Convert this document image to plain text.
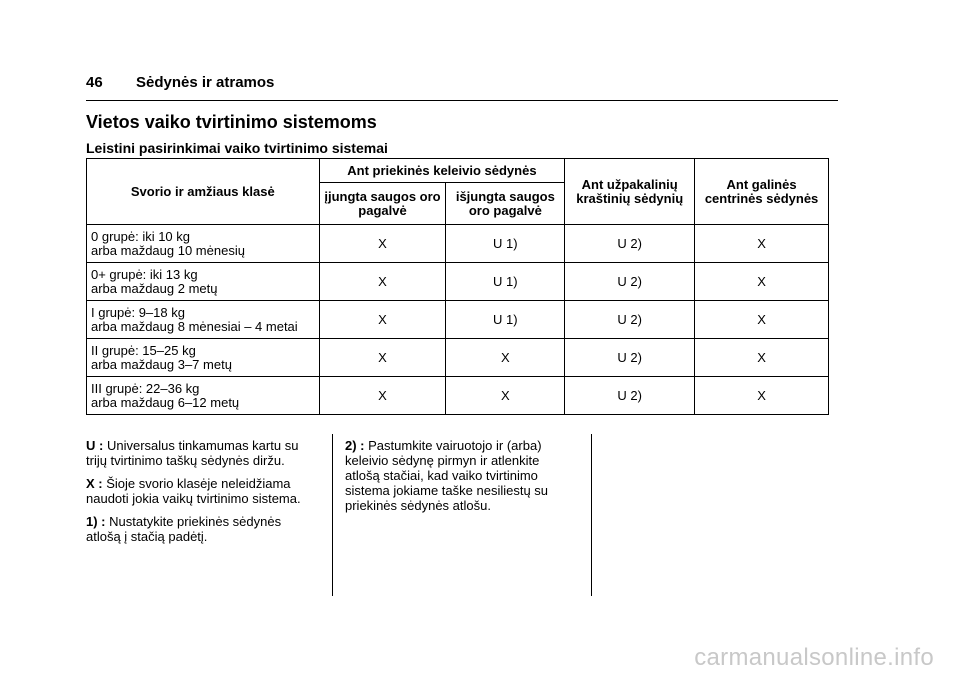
46 Sėdynės ir atramos
Vietos vaiko tvirtinimo sistemoms
Leistini pasirinkimai vaiko tvirtinimo sistemai
Svorio ir amžiaus klasė	Ant priekinės keleivio sėdynės		Ant užpakalinių kraštinių sėdynių	Ant galinės centrinės sėdynės
	įjungta saugos oro pagalvė	išjungta saugos oro pagalvė		

0 grupė: iki 10 kg
arba maždaug 10 mėnesių	X	U 1)	U 2)	X

0+ grupė: iki 13 kg
arba maždaug 2 metų	X	U 1)	U 2)	X

I grupė: 9–18 kg
arba maždaug 8 mėnesiai – 4 metai	X	U 1)	U 2)	X

II grupė: 15–25 kg
arba maždaug 3–7 metų	X	X	U 2)	X

III grupė: 22–36 kg
arba maždaug 6–12 metų	X	X	U 2)	X

U : Universalus tinkamumas kartu su trijų tvirtinimo taškų sėdynės diržu.

X : Šioje svorio klasėje neleidžiama naudoti jokia vaikų tvirtinimo sistema.

1) : Nustatykite priekinės sėdynės atlošą į stačią padėtį.

2) : Pastumkite vairuotojo ir (arba) keleivio sėdynę pirmyn ir atlenkite atlošą stačiai, kad vaiko tvirtinimo sistema jokiame taške nesiliestų su priekinės sėdynės atlošu.

carmanualsonline.info
